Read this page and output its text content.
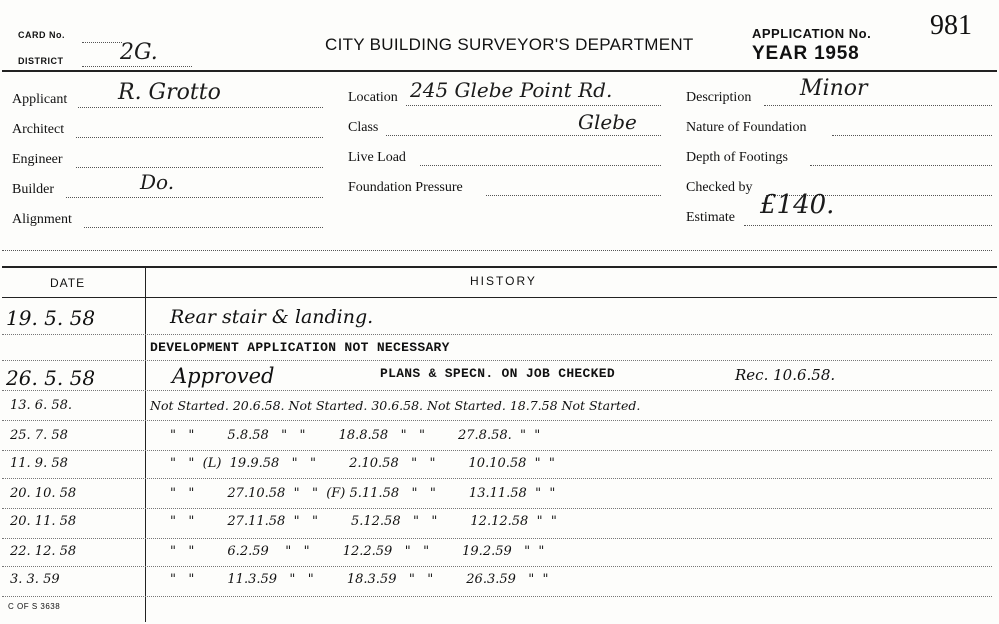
CARD No.
DISTRICT	2G.	CITY BUILDING SURVEYOR'S DEPARTMENT
APPLICATION No. 981
YEAR 1958
Applicant R. Grotto
Architect
Engineer
Builder	Do.
Alignment
Location 245 Glebe Point Rd.
Class	Glebe
Live Load
Foundation Pressure
Description Minor
Nature of Foundation
Depth of Footings
Checked by
Estimate £140.
DATE	HISTORY
19. 5. 58	Rear stair & landing.
DEVELOPMENT APPLICATION NOT NECESSARY
26. 5. 58	Approved	PLANS & SPECN. ON JOB CHECKED	Rec. 10.6.58.
13. 6. 58.	Not Started. 20.6.58. Not Started. 30.6.58. Not Started. 18.7.58 Not Started.
25. 7. 58	"   "        5.8.58   "   "        18.8.58   "   "        27.8.58.  "  "
11. 9. 58	"   "  (L)  19.9.58   "   "        2.10.58   "   "        10.10.58  "  "
20. 10. 58	"   "        27.10.58  "   "  (F) 5.11.58   "   "        13.11.58  "  "
20. 11. 58	"   "        27.11.58  "   "        5.12.58   "   "        12.12.58  "  "
22. 12. 58	"   "        6.2.59    "   "        12.2.59   "   "        19.2.59   "  "
3. 3. 59	"   "        11.3.59   "   "        18.3.59   "   "        26.3.59   "  "
C OF S 3638
